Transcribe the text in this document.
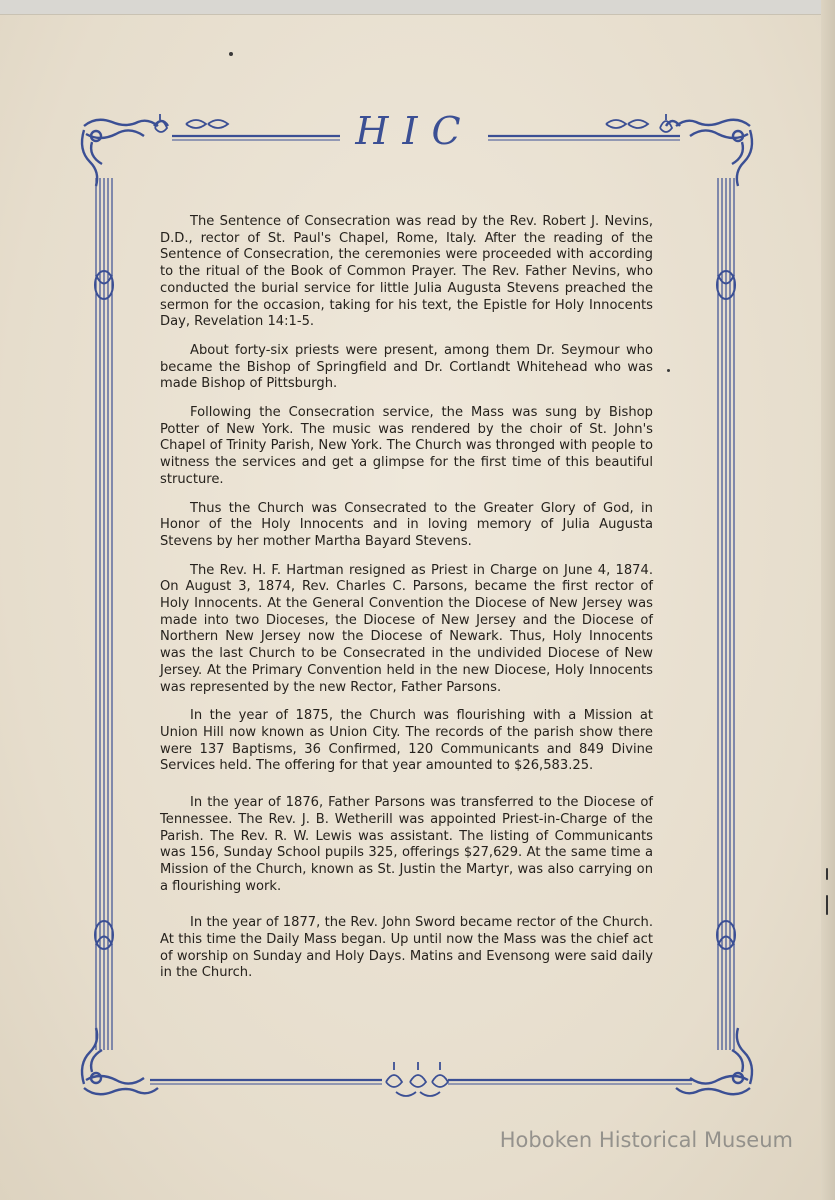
HIC

The Sentence of Consecration was read by the Rev. Robert J. Nevins, D.D., rector of St. Paul's Chapel, Rome, Italy. After the reading of the Sentence of Consecration, the ceremonies were proceeded with according to the ritual of the Book of Common Prayer. The Rev. Father Nevins, who conducted the burial service for little Julia Augusta Stevens preached the sermon for the occasion, taking for his text, the Epistle for Holy Innocents Day, Revelation 14:1-5.

About forty-six priests were present, among them Dr. Seymour who became the Bishop of Springfield and Dr. Cortlandt Whitehead who was made Bishop of Pittsburgh.

Following the Consecration service, the Mass was sung by Bishop Potter of New York. The music was rendered by the choir of St. John's Chapel of Trinity Parish, New York. The Church was thronged with people to witness the services and get a glimpse for the first time of this beautiful structure.

Thus the Church was Consecrated to the Greater Glory of God, in Honor of the Holy Innocents and in loving memory of Julia Augusta Stevens by her mother Martha Bayard Stevens.

The Rev. H. F. Hartman resigned as Priest in Charge on June 4, 1874. On August 3, 1874, Rev. Charles C. Parsons, became the first rector of Holy Innocents. At the General Convention the Diocese of New Jersey was made into two Dioceses, the Diocese of New Jersey and the Diocese of Northern New Jersey now the Diocese of Newark. Thus, Holy Innocents was the last Church to be Consecrated in the undivided Diocese of New Jersey. At the Primary Convention held in the new Diocese, Holy Innocents was represented by the new Rector, Father Parsons.

In the year of 1875, the Church was flourishing with a Mission at Union Hill now known as Union City. The records of the parish show there were 137 Baptisms, 36 Confirmed, 120 Communicants and 849 Divine Services held. The offering for that year amounted to $26,583.25.

In the year of 1876, Father Parsons was transferred to the Diocese of Tennessee. The Rev. J. B. Wetherill was appointed Priest-in-Charge of the Parish. The Rev. R. W. Lewis was assistant. The listing of Communicants was 156, Sunday School pupils 325, offerings $27,629. At the same time a Mission of the Church, known as St. Justin the Martyr, was also carrying on a flourishing work.

In the year of 1877, the Rev. John Sword became rector of the Church. At this time the Daily Mass began. Up until now the Mass was the chief act of worship on Sunday and Holy Days. Matins and Evensong were said daily in the Church.

Hoboken Historical Museum
